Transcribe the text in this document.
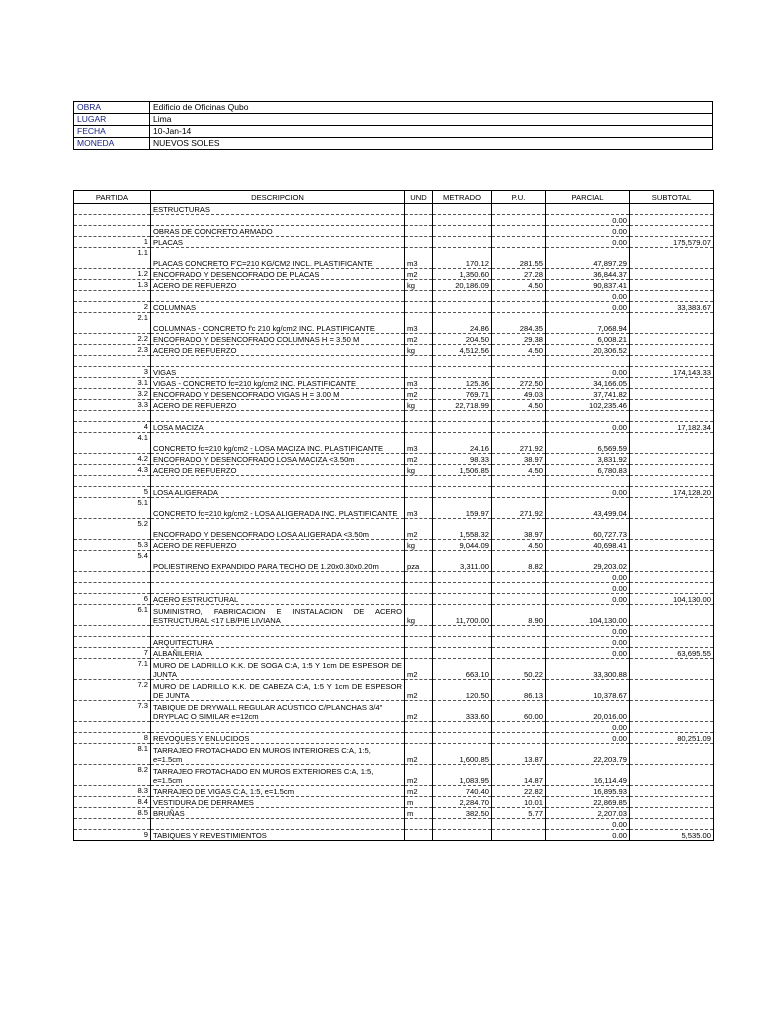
OBRA	Edificio de Oficinas Qubo
LUGAR	Lima
FECHA	10-Jan-14
MONEDA	NUEVOS SOLES
PARTIDA	DESCRIPCION	UND	METRADO	P.U.	PARCIAL	SUBTOTAL
	ESTRUCTURAS					
					0.00	
	OBRAS DE CONCRETO ARMADO				0.00	
1	PLACAS				0.00	175,579.07
1.1	PLACAS CONCRETO F'C=210 KG/CM2 INCL. PLASTIFICANTE	m3	170.12	281.55	47,897.29	
1.2	ENCOFRADO Y DESENCOFRADO DE PLACAS	m2	1,350.60	27.28	36,844.37	
1.3	ACERO DE REFUERZO	kg	20,186.09	4.50	90,837.41	
					0.00	
2	COLUMNAS				0.00	33,383.67
2.1	COLUMNAS - CONCRETO f'c 210 kg/cm2 INC. PLASTIFICANTE	m3	24.86	284.35	7,068.94	
2.2	ENCOFRADO Y DESENCOFRADO COLUMNAS H = 3.50 M	m2	204.50	29.38	6,008.21	
2.3	ACERO DE REFUERZO	kg	4,512.56	4.50	20,306.52	

3	VIGAS				0.00	174,143.33
3.1	VIGAS - CONCRETO fc=210 kg/cm2 INC. PLASTIFICANTE	m3	125.36	272.50	34,166.05	
3.2	ENCOFRADO Y DESENCOFRADO VIGAS H = 3.00 M	m2	769.71	49.03	37,741.82	
3.3	ACERO DE REFUERZO	kg	22,718.99	4.50	102,235.46	

4	LOSA MACIZA				0.00	17,182.34
4.1	CONCRETO fc=210 kg/cm2 - LOSA MACIZA INC. PLASTIFICANTE	m3	24.16	271.92	6,569.59	
4.2	ENCOFRADO Y DESENCOFRADO LOSA MACIZA <3.50m	m2	98.33	38.97	3,831.92	
4.3	ACERO DE REFUERZO	kg	1,506.85	4.50	6,780.83	

5	LOSA ALIGERADA				0.00	174,128.20
5.1	CONCRETO fc=210 kg/cm2 - LOSA ALIGERADA INC. PLASTIFICANTE	m3	159.97	271.92	43,499.04	
5.2	ENCOFRADO Y DESENCOFRADO LOSA ALIGERADA <3.50m	m2	1,558.32	38.97	60,727.73	
5.3	ACERO DE REFUERZO	kg	9,044.09	4.50	40,698.41	
5.4	POLIESTIRENO EXPANDIDO PARA TECHO DE 1.20x0.30x0.20m	pza	3,311.00	8.82	29,203.02	
					0.00	
					0.00	
6	ACERO ESTRUCTURAL				0.00	104,130.00
6.1	SUMINISTRO, FABRICACION E INSTALACION DE ACERO ESTRUCTURAL <17 LB/PIE LIVIANA	kg	11,700.00	8.90	104,130.00	
					0.00	
	ARQUITECTURA				0.00	
7	ALBAÑILERIA				0.00	63,695.55
7.1	MURO DE LADRILLO K.K. DE SOGA C:A, 1:5 Y 1cm DE ESPESOR DE JUNTA	m2	663.10	50.22	33,300.88	
7.2	MURO DE LADRILLO K.K. DE CABEZA C:A, 1:5 Y 1cm DE ESPESOR DE JUNTA	m2	120.50	86.13	10,378.67	
7.3	TABIQUE DE DRYWALL REGULAR ACÚSTICO C/PLANCHAS 3/4" DRYPLAC O SIMILAR e=12cm	m2	333.60	60.00	20,016.00	
					0.00	
8	REVOQUES Y ENLUCIDOS				0.00	80,251.09
8.1	TARRAJEO FROTACHADO EN MUROS INTERIORES C:A, 1:5, e=1.5cm	m2	1,600.85	13.87	22,203.79	
8.2	TARRAJEO FROTACHADO EN MUROS EXTERIORES C:A, 1:5, e=1.5cm	m2	1,083.95	14.87	16,114.49	
8.3	TARRAJEO DE VIGAS C:A, 1:5, e=1.5cm	m2	740.40	22.82	16,895.93	
8.4	VESTIDURA DE DERRAMES	m	2,284.70	10.01	22,869.85	
8.5	BRUÑAS	m	382.50	5.77	2,207.03	
					0.00	
9	TABIQUES Y REVESTIMIENTOS				0.00	5,535.00
